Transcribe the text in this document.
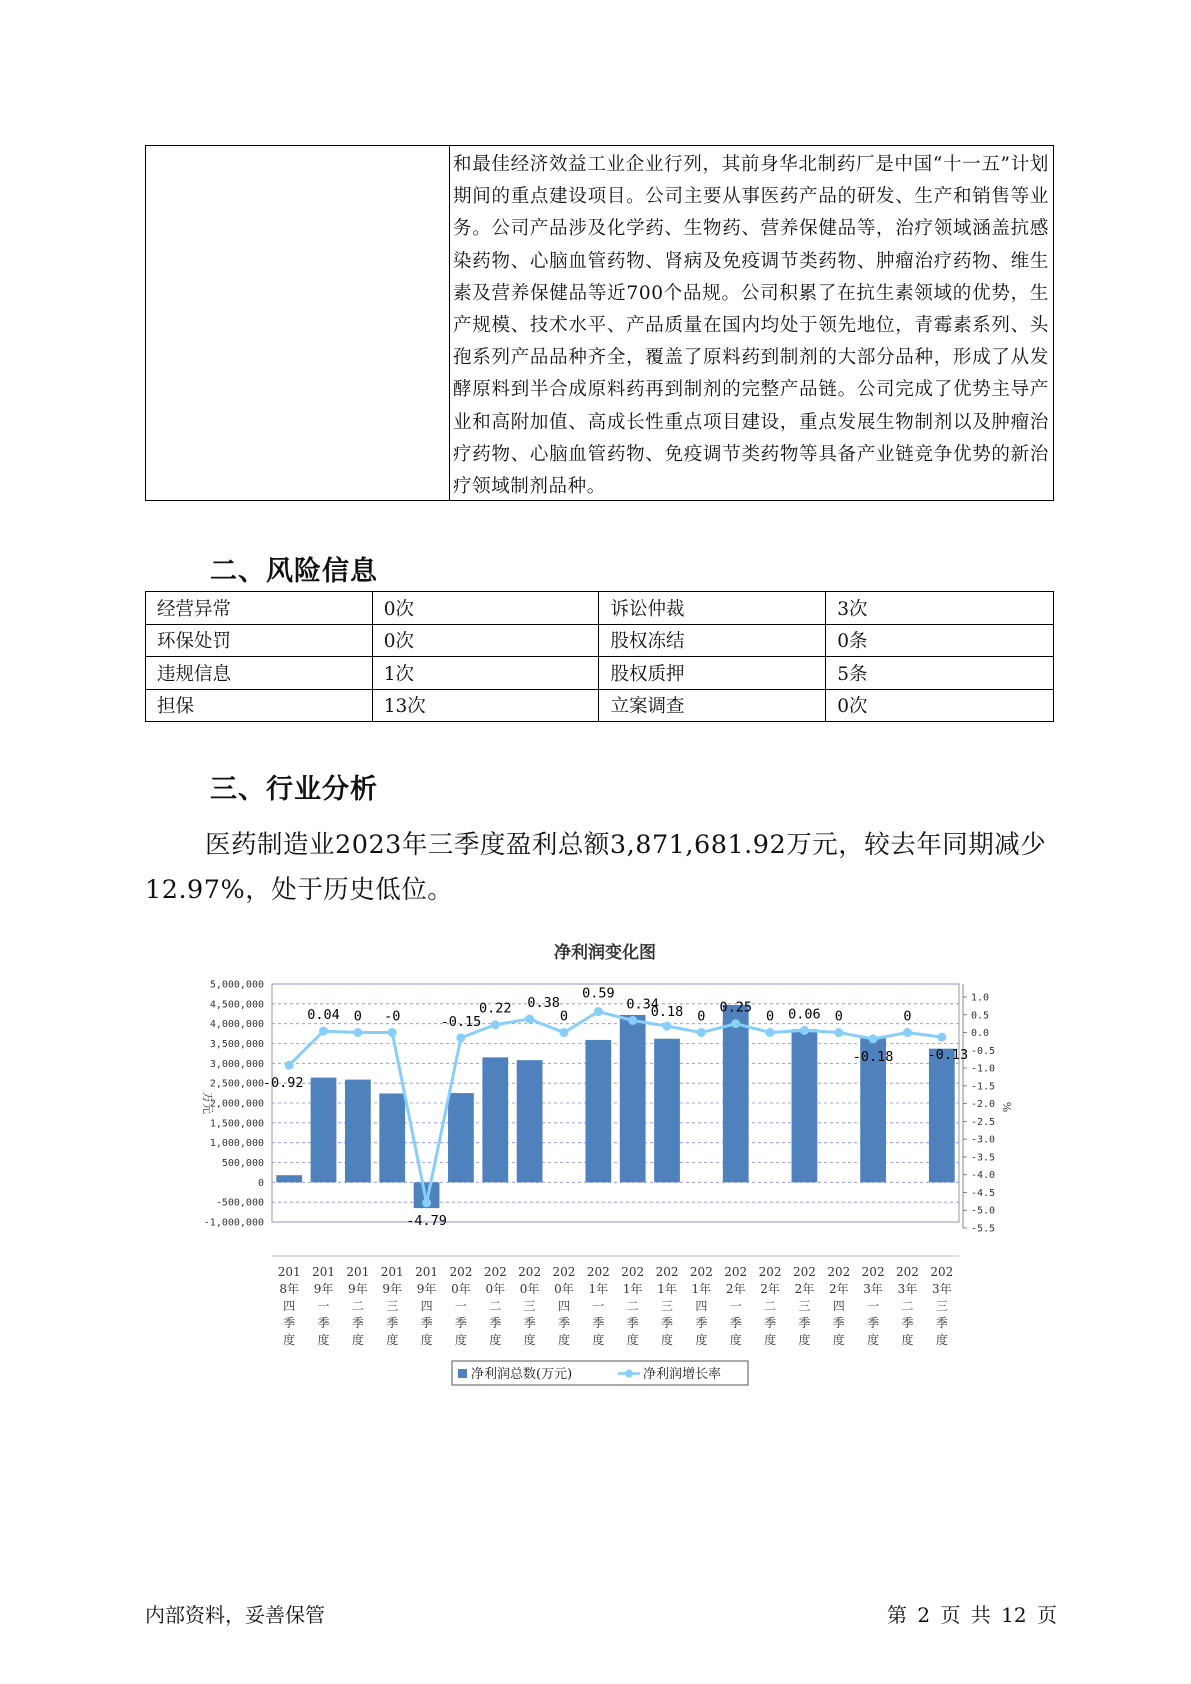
和最佳经济效益工业企业行列，其前身华北制药厂是中国“十一五”计划期间的重点建设项目。公司主要从事医药产品的研发、生产和销售等业务。公司产品涉及化学药、生物药、营养保健品等，治疗领域涵盖抗感染药物、心脑血管药物、肾病及免疫调节类药物、肿瘤治疗药物、维生素及营养保健品等近700个品规。公司积累了在抗生素领域的优势，生产规模、技术水平、产品质量在国内均处于领先地位，青霉素系列、头孢系列产品品种齐全，覆盖了原料药到制剂的大部分品种，形成了从发酵原料到半合成原料药再到制剂的完整产品链。公司完成了优势主导产业和高附加值、高成长性重点项目建设，重点发展生物制剂以及肿瘤治疗药物、心脑血管药物、免疫调节类药物等具备产业链竞争优势的新治疗领域制剂品种。
二、风险信息
经营异常	0次	诉讼仲裁	3次
环保处罚	0次	股权冻结	0条
违规信息	1次	股权质押	5条
担保	13次	立案调查	0次
三、行业分析

医药制造业2023年三季度盈利总额3,871,681.92万元，较去年同期减少12.97%，处于历史低位。

净利润变化图
5,000,000
4,500,000
4,000,000
3,500,000
3,000,000
2,500,000
2,000,000
1,500,000
1,000,000
500,000
0
-500,000
-1,000,000
1.0
0.5
0.0
-0.5
-1.0
-1.5
-2.0
-2.5
-3.0
-3.5
-4.0
-4.5
-5.0
-5.5
万元	%
-0.92
0.04 0 -0
-4.79
-0.15
0.22 0.38
0
0.59
0.34
0.18 0
0.25
0 0.06 0
-0.18
0
-0.13
201
8年
四
季
度
201
9年
一
季
度
201
9年
二
季
度
201
9年
三
季
度
201
9年
四
季
度
202
0年
一
季
度
202
0年
二
季
度
202
0年
三
季
度
202
0年
四
季
度
202
1年
一
季
度
202
1年
二
季
度
202
1年
三
季
度
202
1年
四
季
度
202
2年
一
季
度
202
2年
二
季
度
202
2年
三
季
度
202
2年
四
季
度
202
3年
一
季
度
202
3年
二
季
度
202
3年
三
季
度
净利润总数(万元)	净利润增长率
内部资料，妥善保管	第 2 页 共 12 页
